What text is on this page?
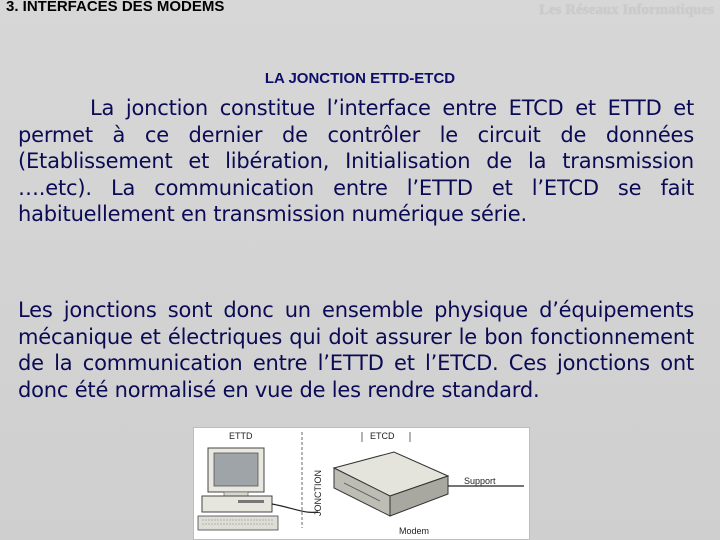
3. INTERFACES DES MODEMS	Les Réseaux Informatiques
LA JONCTION ETTD-ETCD
La jonction constitue l’interface entre ETCD et ETTD et permet à ce dernier de contrôler le circuit de données (Etablissement et libération, Initialisation de la transmission ….etc). La communication entre l’ETTD et l’ETCD se fait habituellement en transmission numérique série.
Les jonctions sont donc un ensemble physique d’équipements mécanique et électriques qui doit assurer le bon fonctionnement de la communication entre l’ETTD et l’ETCD. Ces jonctions ont donc été normalisé en vue de les rendre standard.
ETTD
JONCTION
ETCD
Support
Modem
